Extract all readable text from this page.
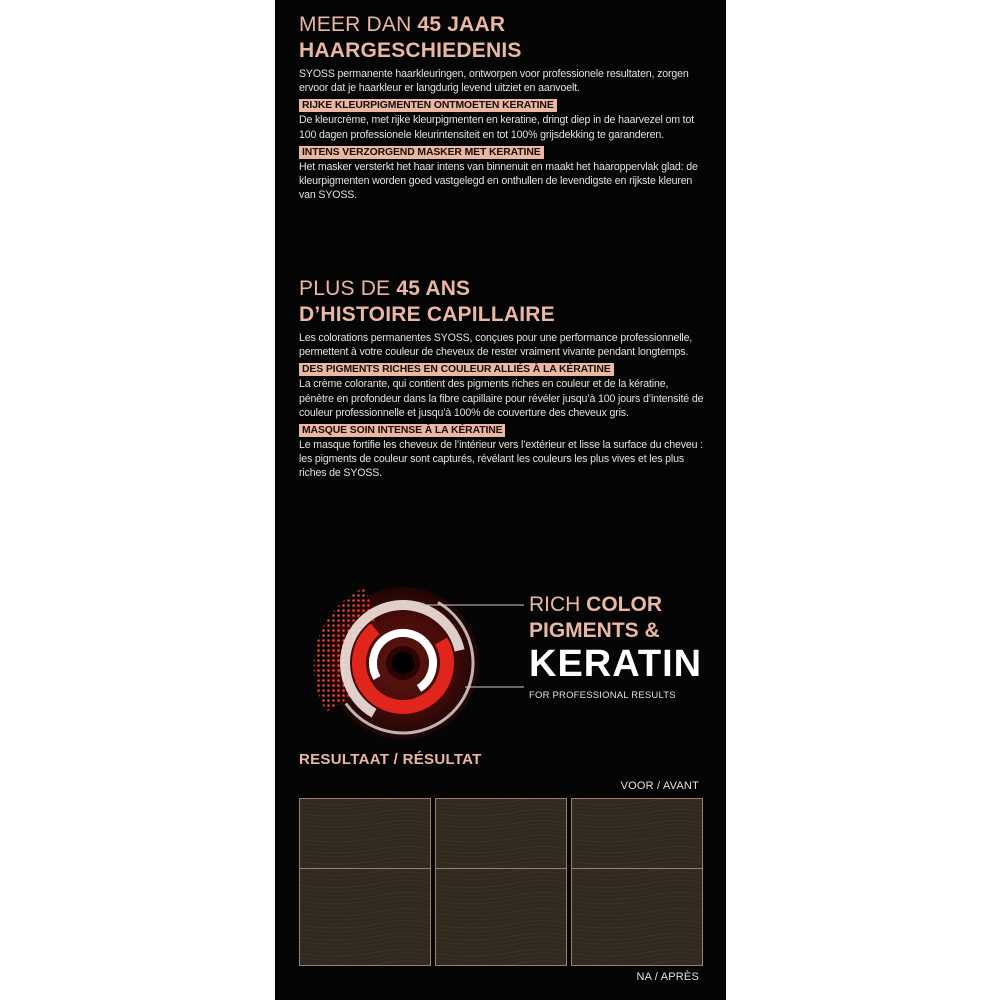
MEER DAN 45 JAAR
HAARGESCHIEDENIS
SYOSS permanente haarkleuringen, ontworpen voor professionele resultaten, zorgen ervoor dat je haarkleur er langdurig levend uitziet en aanvoelt.
RIJKE KLEURPIGMENTEN ONTMOETEN KERATINE
De kleurcrème, met rijke kleurpigmenten en keratine, dringt diep in de haarvezel om tot 100 dagen professionele kleurintensiteit en tot 100% grijsdekking te garanderen.
INTENS VERZORGEND MASKER MET KERATINE
Het masker versterkt het haar intens van binnenuit en maakt het haaroppervlak glad: de kleurpigmenten worden goed vastgelegd en onthullen de levendigste en rijkste kleuren van SYOSS.
PLUS DE 45 ANS
D’HISTOIRE CAPILLAIRE
Les colorations permanentes SYOSS, conçues pour une performance professionnelle, permettent à votre couleur de cheveux de rester vraiment vivante pendant longtemps.
DES PIGMENTS RICHES EN COULEUR ALLIÉS À LA KÉRATINE
La crème colorante, qui contient des pigments riches en couleur et de la kératine, pénètre en profondeur dans la fibre capillaire pour révéler jusqu’à 100 jours d’intensité de couleur professionnelle et jusqu’à 100% de couverture des cheveux gris.
MASQUE SOIN INTENSE À LA KÉRATINE
Le masque fortifie les cheveux de l’intérieur vers l’extérieur et lisse la surface du cheveu : les pigments de couleur sont capturés, révélant les couleurs les plus vives et les plus riches de SYOSS.
RICH COLOR
PIGMENTS &
KERATIN
FOR PROFESSIONAL RESULTS
RESULTAAT / RÉSULTAT
VOOR / AVANT
NA / APRÈS
